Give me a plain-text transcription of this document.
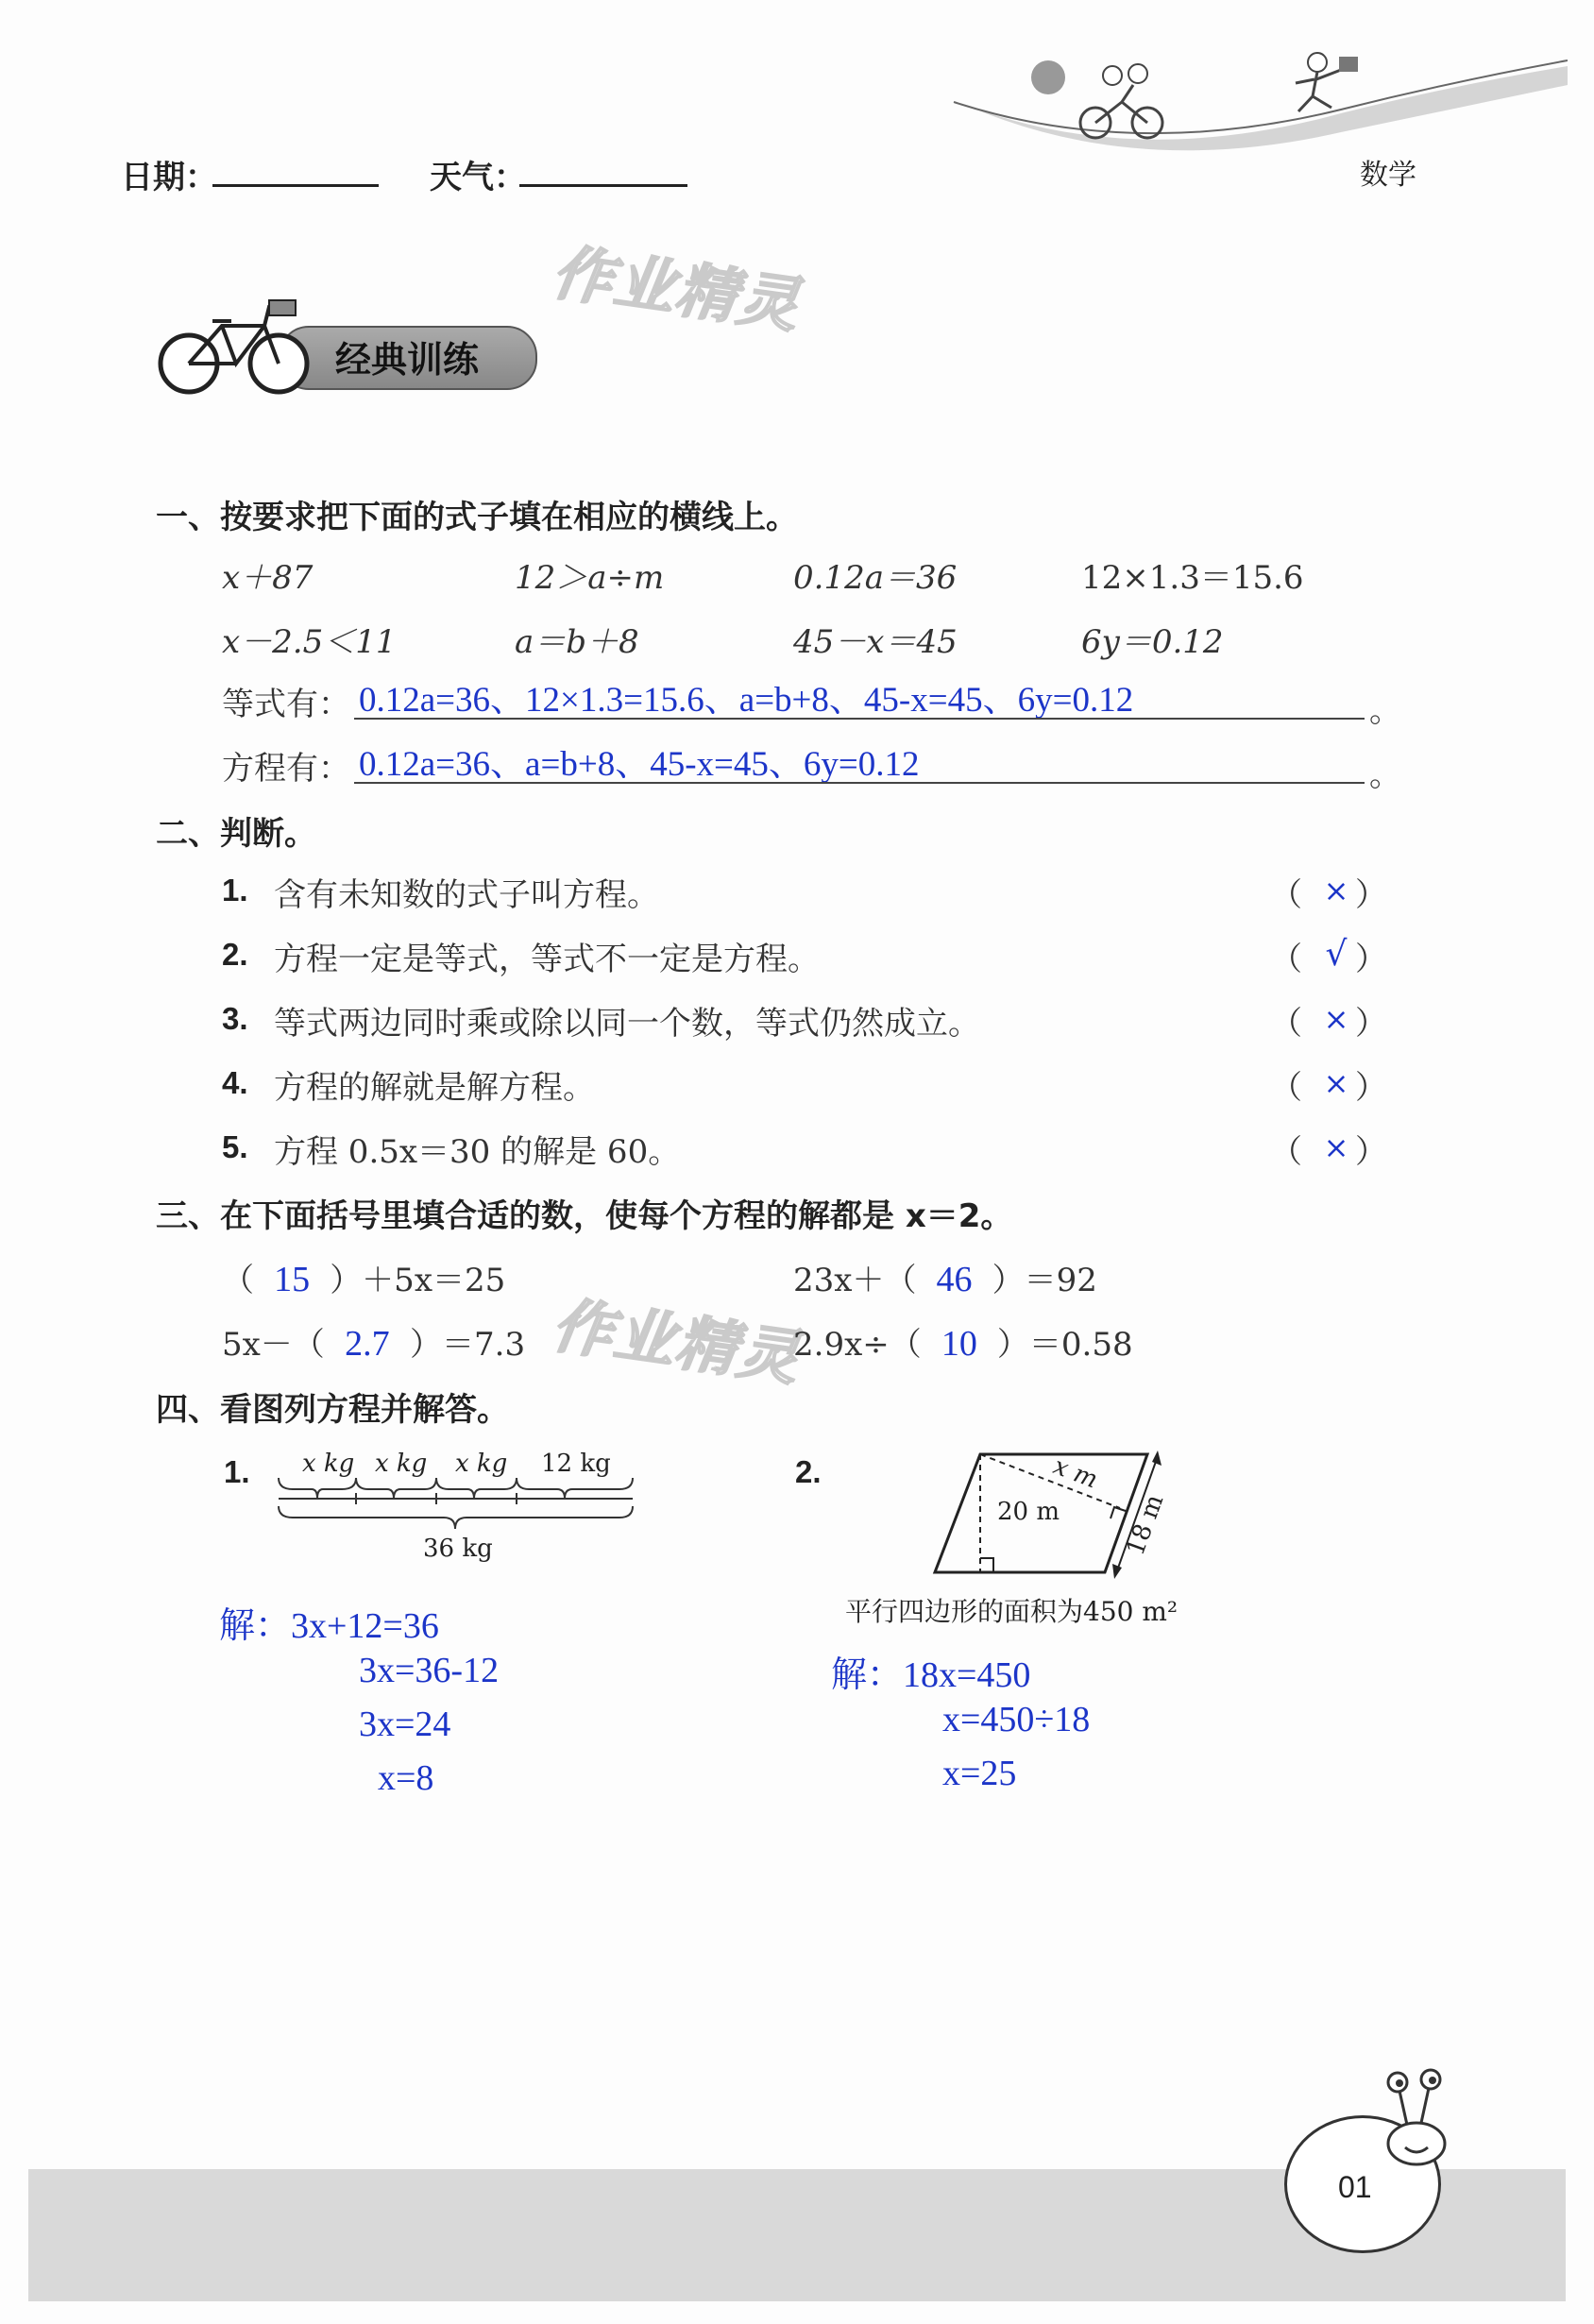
日期：	天气：	数学
作业精灵
作业精灵
经典训练
一、按要求把下面的式子填在相应的横线上。
x＋87	12＞a÷m	0.12a＝36	12×1.3＝15.6
x－2.5＜11	a＝b＋8	45－x＝45	6y＝0.12
等式有： 0.12a=36、12×1.3=15.6、a=b+8、45-x=45、6y=0.12	。
方程有： 0.12a=36、a=b+8、45-x=45、6y=0.12	。
二、判断。
1. 含有未知数的式子叫方程。	（ × ）
2. 方程一定是等式，等式不一定是方程。	（ √ ）
3. 等式两边同时乘或除以同一个数，等式仍然成立。	（ × ）
4. 方程的解就是解方程。	（ × ）
5. 方程 0.5x＝30 的解是 60。	（ × ）
三、在下面括号里填合适的数，使每个方程的解都是 x＝2。
（ 15 ）＋5x＝25	23x＋（ 46 ）＝92
5x－（ 2.7 ）＝7.3	2.9x÷（ 10 ）＝0.58
四、看图列方程并解答。
1. x kg x kg x kg 12 kg
36 kg
解：3x+12=36
3x=36-12
3x=24
x=8
2.	x m
20 m	18 m
平行四边形的面积为450 m²
解：18x=450
x=450÷18
x=25
01
